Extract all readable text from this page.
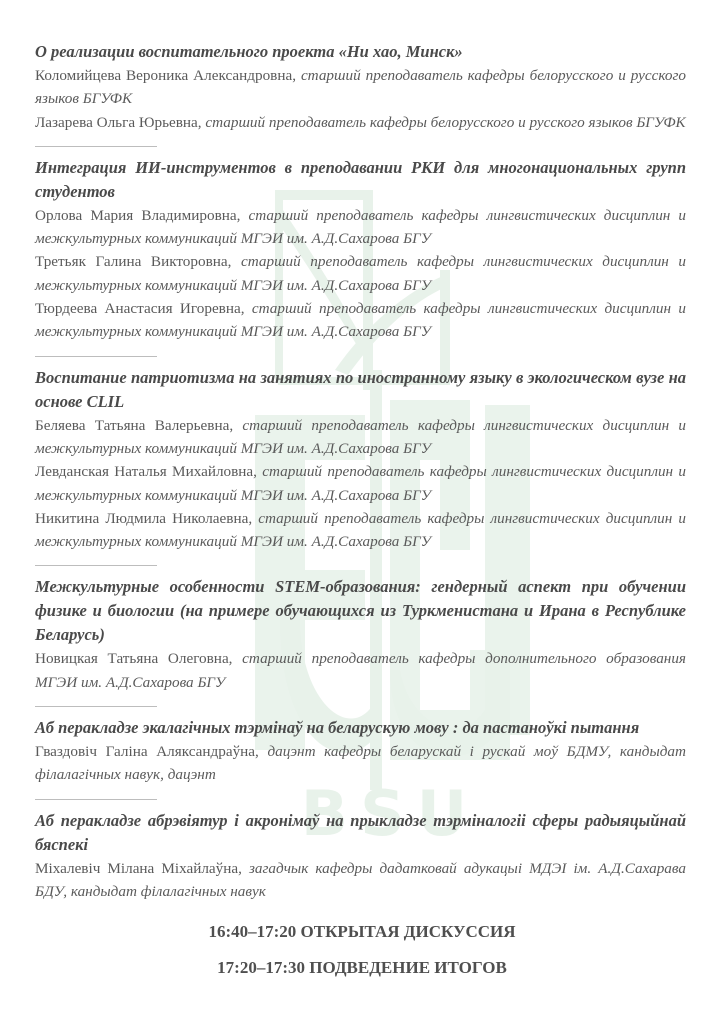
BSU

О реализации воспитательного проекта «Ни хао, Минск»

Коломийцева Вероника Александровна, старший преподаватель кафедры белорусского и русского языков БГУФК

Лазарева Ольга Юрьевна, старший преподаватель кафедры белорусского и русского языков БГУФК

Интеграция ИИ-инструментов в преподавании РКИ для многонациональных групп студентов

Орлова Мария Владимировна, старший преподаватель кафедры лингвистических дисциплин и межкультурных коммуникаций МГЭИ им. А.Д.Сахарова БГУ

Третьяк Галина Викторовна, старший преподаватель кафедры лингвистических дисциплин и межкультурных коммуникаций МГЭИ им. А.Д.Сахарова БГУ

Тюрдеева Анастасия Игоревна, старший преподаватель кафедры лингвистических дисциплин и межкультурных коммуникаций МГЭИ им. А.Д.Сахарова БГУ

Воспитание патриотизма на занятиях по иностранному языку в экологическом вузе на основе CLIL

Беляева Татьяна Валерьевна, старший преподаватель кафедры лингвистических дисциплин и межкультурных коммуникаций МГЭИ им. А.Д.Сахарова БГУ

Левданская Наталья Михайловна, старший преподаватель кафедры лингвистических дисциплин и межкультурных коммуникаций МГЭИ им. А.Д.Сахарова БГУ

Никитина Людмила Николаевна, старший преподаватель кафедры лингвистических дисциплин и межкультурных коммуникаций МГЭИ им. А.Д.Сахарова БГУ

Межкультурные особенности STEM-образования: гендерный аспект при обучении физике и биологии (на примере обучающихся из Туркменистана и Ирана в Республике Беларусь)

Новицкая Татьяна Олеговна, старший преподаватель кафедры дополнительного образования МГЭИ им. А.Д.Сахарова БГУ

Аб перакладзе экалагічных тэрмінаў на беларускую мову : да пастаноўкі пытання

Гваздовіч Галіна Аляксандраўна, дацэнт кафедры беларускай і рускай моў БДМУ, кандыдат філалагічных навук, дацэнт

Аб перакладзе абрэвіятур і акронімаў на прыкладзе тэрміналогіі сферы радыяцыйнай бяспекі

Міхалевіч Мілана Міхайлаўна, загадчык кафедры дадатковай адукацыі МДЭІ ім. А.Д.Сахарава БДУ, кандыдат філалагічных навук

16:40–17:20 ОТКРЫТАЯ ДИСКУССИЯ
17:20–17:30 ПОДВЕДЕНИЕ ИТОГОВ
